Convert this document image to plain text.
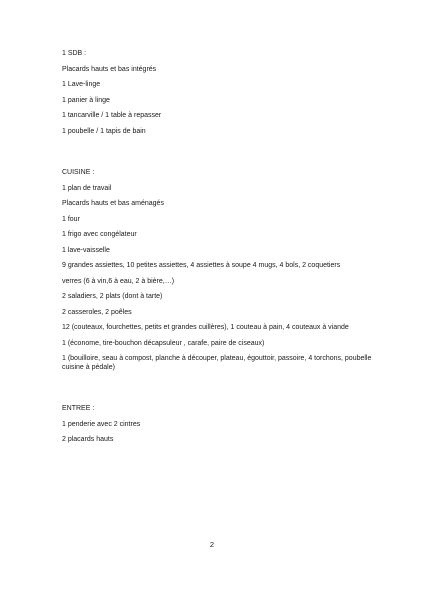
1 SDB :
Placards hauts et bas intégrés
1 Lave-linge
1 panier à linge
1 tancarville / 1 table à repasser
1 poubelle / 1 tapis de bain
CUISINE :
1 plan de travail
Placards hauts et bas aménagés
1 four
1 frigo avec congélateur
1 lave-vaisselle
9 grandes assiettes, 10 petites assiettes, 4 assiettes à soupe 4 mugs, 4 bols, 2 coquetiers
verres (6 à vin,6 à eau, 2 à bière,…)
2 saladiers, 2 plats (dont à tarte)
2 casseroles, 2 poêles
12 (couteaux, fourchettes, petits et grandes cuillères), 1 couteau à pain, 4 couteaux à viande
1 (économe, tire-bouchon décapsuleur , carafe, paire de ciseaux)
1 (bouilloire, seau à compost, planche à découper, plateau, égouttoir, passoire, 4 torchons, poubelle cuisine à pédale)
ENTREE :
1 penderie avec 2 cintres
2 placards hauts
2
